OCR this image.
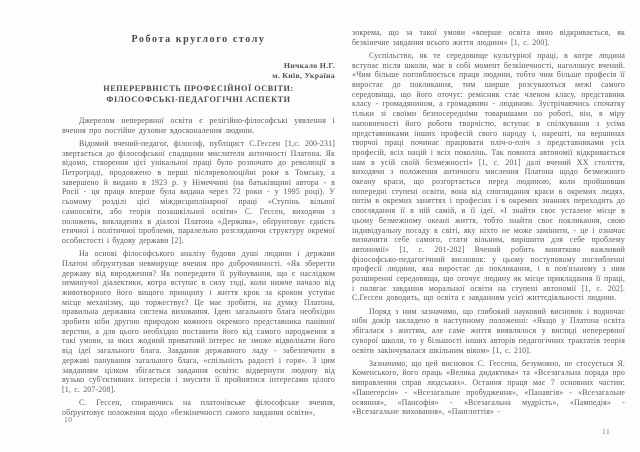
Робота круглого столу
Ничкало Н.Г.
м. Київ, Україна
НЕПЕРЕРВНІСТЬ ПРОФЕСІЙНОЇ ОСВІТИ:
ФІЛОСОФСЬКІ-ПЕДАГОГІЧНІ АСПЕКТИ

Джерелом неперервної освіти є релігійно-філософські уявлення і вчення про постійне духовне вдосконалення людини.

Відомий вчений-педагог, філософ, публіцист С.Гессен [1,с. 200-231] звертається до філософської спадщини мислителя античності Платона. Як відомо, створення цієї унікальної праці було розпочато до революції в Петрограді, продовжено в перші післяреволюційні роки в Томську, а завершено й видано в 1923 р. у Німеччині (на батьківщині автора - в Росії - ця праця вперше була видана через 72 роки - у 1995 році). У сьомому розділі цієї міждисциплінарної праці «Ступінь вільної самоосвіти, або теорія позашкільної освіти» С. Гессен, виходячи з положень, викладених в діалозі Платона «Держава», обґрунтовує єдність етичної і політичної проблеми, паралельно розглядаючи структуру окремої особистості і будову держави [2].

На основі філософського аналізу будови душі людини і держави Платон обґрунтував невмируще вчення про доброчинності. «Як зберегти державу від виродження? Як попередити її руйнування, що є наслідком неминучої діалектики, котра вступає в силу тоді, коли нижче начало від животворного його вищого принципу і життя крок за кроком уступає місце механізму, що торжествує? Це має зробити, на думку Платона, правильна державна система виховання. Ідею загального блага необхідно зробити ніби другою природою кожного окремого представника панівної верстви, а для цього необхідно поставити його від самого народження в такі умови, за яких жодний приватний інтерес не зможе відволікати його від ідеї загального блага. Завдання державного ладу - забезпечити в державі панування загального блага, «спільність радості і горя». З цим завданням цілком збігається завдання освіти: відвернути людину від вузько суб'єктивних інтересів і змусити її пройнятися інтересами цілого [1, с. 207-208].

С. Гессен, спираючись на платонівське філософське вчення, обґрунтовує положення щодо «безкінечності самого завдання освіти»,

зокрема, що за такої умови «вперше освіта явно відкривається, як безкінечне завдання всього життя людини» [1, с. 200].

Суспільство, як те середовище культурної праці, в котре людина вступає після школи, має в собі момент безкінечності, наголошує вчений. «Чим більше поглиблюється праця людини, тобто чим більше професія її виростає до покликання, тим ширше розсуваються межі самого середовища, що його оточує: ремісник стає членом класу, представник класу - громадянином, а громадянин - людиною. Зустрічаючись спочатку тільки зі своїми безпосередніми товаришами по роботі, він, в міру наповненості його роботи творчістю, вступає в спілкування з усіма представниками інших професій свого народу і, нарешті, на вершинах творчої праці починає працювати пліч-о-пліч з представниками усіх професій, всіх націй і всіх поколінь. Так повнота автономії відкривається нам в усій своїй безмежності» [1, с. 201] далі вчений XX століття, виходячи з положення античного мислення Платона щодо безмежного океану краси, що розгортається перед людиною, коли пройшовши попередні ступені освіти, вона від споглядання краси в окремих людях, потім в окремих заняттях і професіях і в окремих знаннях переходить до споглядання її в ній самій, в її ідеї. «І знайти своє усталене місце в цьому безмежному океані життя, тобто знайти своє покликання, свою індивідуальну посаду в світі, яку ніхто не може замінити, - це і означає визначити себе самого, стати вільним, вирішити для себе проблему автономії» [1, с. 201-202] Вчений робить винятково важливий філософсько-педагогічний висновок: у цьому поступовому поглибленні професії людини, яка виростає до покликання, і в пов'язаному з ним розширенні середовища, що оточує людину як місце прикладання її праці, і полягає завдання моральної освіти на ступені автономії [1, с. 202]. С.Гессен доводить, що освіта є завданням усієї життєдіяльності людини.

Поряд з ним зазначимо, що глибокий науковий висновок і водночас ніби докір закладено в наступному положенні: «Якщо у Платона освіта збігалася з життям, але саме життя виявлялося у вигляді неперервної суворої школи, то у більшості інших авторів педагогічних трактатів теорія освіти закінчувалася шкільним віком» [1, с. 210].

Зазначимо, що цей висновок С. Гессена, безумовно, не стосується Я. Коменського, його праць «Велика дидактика» та «Всезагальна порада про виправлення справ людських». Остання праця має 7 основних частин: «Панегерсія» - «Всезагальне пробудження», «Панавгія» - «Всезагальне осяяння», «Пансофія» - «Всезагальна мудрість», «Пампедія» - «Всезагальне виховання», «Панглоттія» -

10
11
